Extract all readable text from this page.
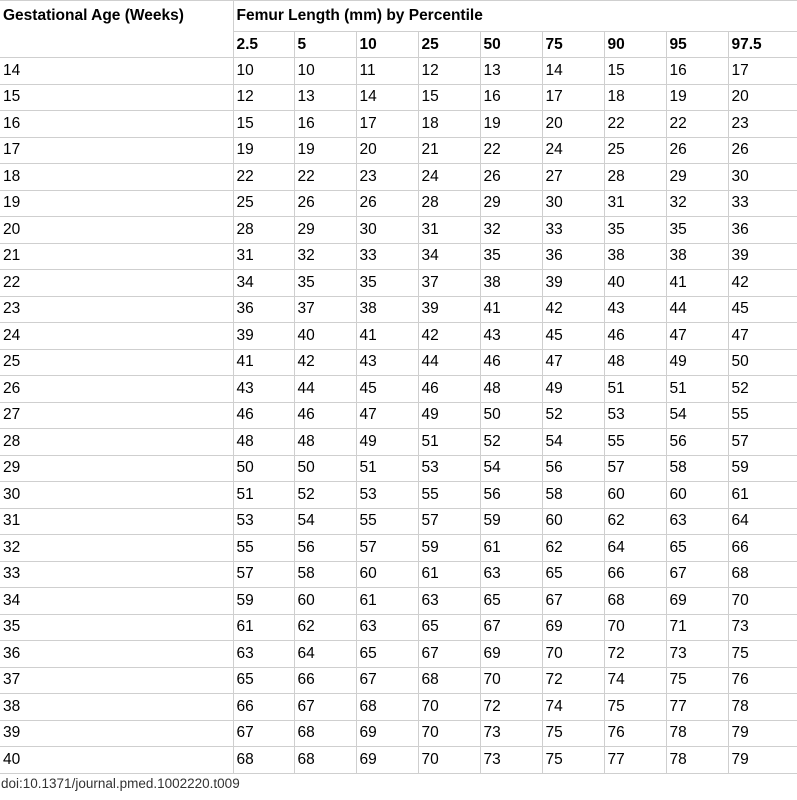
Gestational Age (Weeks)	Femur Length (mm) by Percentile								
	2.5	5	10	25	50	75	90	95	97.5
14	10	10	11	12	13	14	15	16	17
15	12	13	14	15	16	17	18	19	20
16	15	16	17	18	19	20	22	22	23
17	19	19	20	21	22	24	25	26	26
18	22	22	23	24	26	27	28	29	30
19	25	26	26	28	29	30	31	32	33
20	28	29	30	31	32	33	35	35	36
21	31	32	33	34	35	36	38	38	39
22	34	35	35	37	38	39	40	41	42
23	36	37	38	39	41	42	43	44	45
24	39	40	41	42	43	45	46	47	47
25	41	42	43	44	46	47	48	49	50
26	43	44	45	46	48	49	51	51	52
27	46	46	47	49	50	52	53	54	55
28	48	48	49	51	52	54	55	56	57
29	50	50	51	53	54	56	57	58	59
30	51	52	53	55	56	58	60	60	61
31	53	54	55	57	59	60	62	63	64
32	55	56	57	59	61	62	64	65	66
33	57	58	60	61	63	65	66	67	68
34	59	60	61	63	65	67	68	69	70
35	61	62	63	65	67	69	70	71	73
36	63	64	65	67	69	70	72	73	75
37	65	66	67	68	70	72	74	75	76
38	66	67	68	70	72	74	75	77	78
39	67	68	69	70	73	75	76	78	79
40	68	68	69	70	73	75	77	78	79
doi:10.1371/journal.pmed.1002220.t009
